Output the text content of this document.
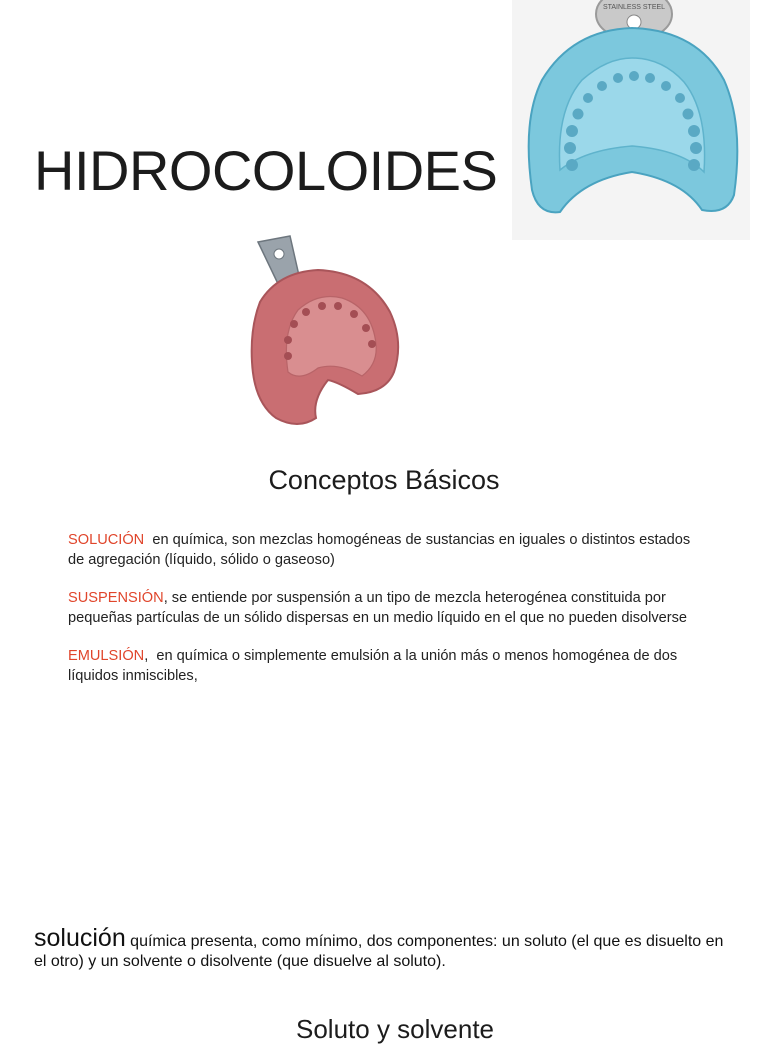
HIDROCOLOIDES
STAINLESS STEEL
Conceptos Básicos

SOLUCIÓN  en química, son mezclas homogéneas de sustancias en iguales o distintos estados de agregación (líquido, sólido o gaseoso)

SUSPENSIÓN, se entiende por suspensión a un tipo de mezcla heterogénea constituida por pequeñas partículas de un sólido dispersas en un medio líquido en el que no pueden disolverse

EMULSIÓN,  en química o simplemente emulsión a la unión más o menos homogénea de dos líquidos inmiscibles,

solución química presenta, como mínimo, dos componentes: un soluto (el que es disuelto en el otro) y un solvente o disolvente (que disuelve al soluto).
Soluto y solvente
